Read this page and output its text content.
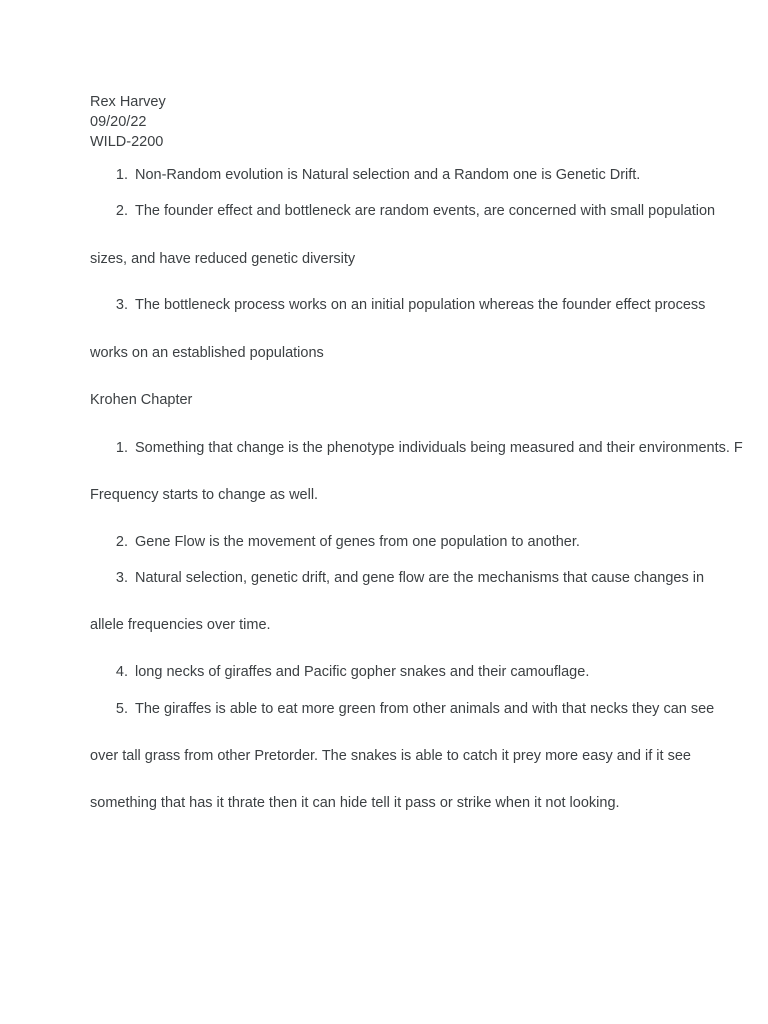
Rex Harvey
09/20/22
WILD-2200
1. Non-Random evolution is Natural selection and a Random one is Genetic Drift.
2. The founder effect and bottleneck are random events, are concerned with small population
sizes, and have reduced genetic diversity
3. The bottleneck process works on an initial population whereas the founder effect process
works on an established populations
Krohen Chapter
1. Something that change is the phenotype individuals being measured and their environments. F
Frequency starts to change as well.
2. Gene Flow is the movement of genes from one population to another.
3. Natural selection, genetic drift, and gene flow are the mechanisms that cause changes in
allele frequencies over time.
4. long necks of giraffes and Pacific gopher snakes and their camouflage.
5. The giraffes is able to eat more green from other animals and with that necks they can see
over tall grass from other Pretorder. The snakes is able to catch it prey more easy and if it see
something that has it thrate then it can hide tell it pass or strike when it not looking.
